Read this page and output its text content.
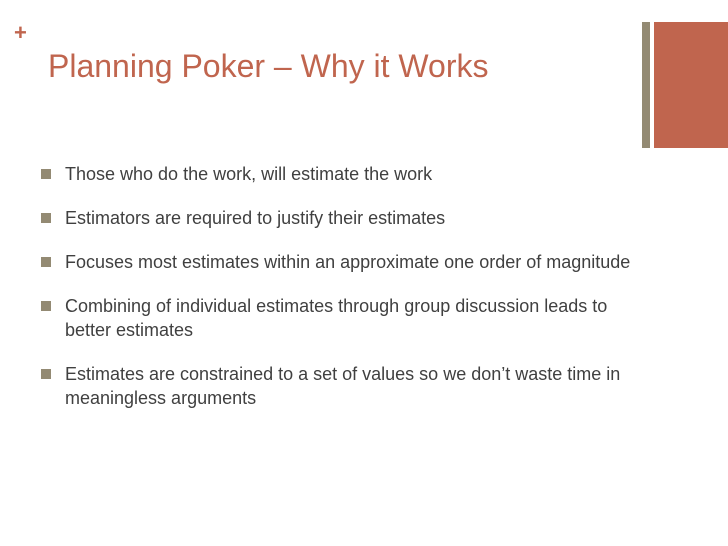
+
Planning Poker – Why it Works
Those who do the work, will estimate the work
Estimators are required to justify their estimates
Focuses most estimates within an approximate one order of magnitude
Combining of individual estimates through group discussion leads to better estimates
Estimates are constrained to a set of values so we don’t waste time in meaningless arguments
